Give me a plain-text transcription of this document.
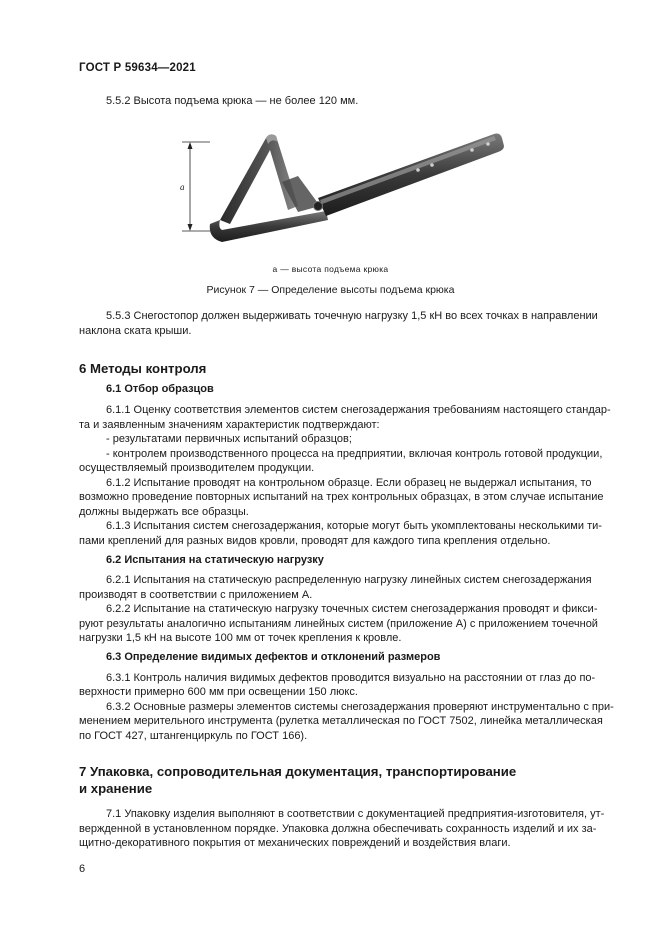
ГОСТ Р 59634—2021
5.5.2 Высота подъема крюка — не более 120 мм.
a
a — высота подъема крюка
Рисунок 7 — Определение высоты подъема крюка
5.5.3 Снегостопор должен выдерживать точечную нагрузку 1,5 кН во всех точках в направлении
наклона ската крыши.
6 Методы контроля
6.1 Отбор образцов
6.1.1 Оценку соответствия элементов систем снегозадержания требованиям настоящего стандар-
та и заявленным значениям характеристик подтверждают:
- результатами первичных испытаний образцов;
- контролем производственного процесса на предприятии, включая контроль готовой продукции,
осуществляемый производителем продукции.
6.1.2 Испытание проводят на контрольном образце. Если образец не выдержал испытания, то
возможно проведение повторных испытаний на трех контрольных образцах, в этом случае испытание
должны выдержать все образцы.
6.1.3 Испытания систем снегозадержания, которые могут быть укомплектованы несколькими ти-
пами креплений для разных видов кровли, проводят для каждого типа крепления отдельно.
6.2 Испытания на статическую нагрузку
6.2.1 Испытания на статическую распределенную нагрузку линейных систем снегозадержания
производят в соответствии с приложением А.
6.2.2 Испытание на статическую нагрузку точечных систем снегозадержания проводят и фикси-
руют результаты аналогично испытаниям линейных систем (приложение А) с приложением точечной
нагрузки 1,5 кН на высоте 100 мм от точек крепления к кровле.
6.3 Определение видимых дефектов и отклонений размеров
6.3.1 Контроль наличия видимых дефектов проводится визуально на расстоянии от глаз до по-
верхности примерно 600 мм при освещении 150 люкс.
6.3.2 Основные размеры элементов системы снегозадержания проверяют инструментально с при-
менением мерительного инструмента (рулетка металлическая по ГОСТ 7502, линейка металлическая
по ГОСТ 427, штангенциркуль по ГОСТ 166).
7 Упаковка, сопроводительная документация, транспортирование
и хранение
7.1 Упаковку изделия выполняют в соответствии с документацией предприятия-изготовителя, ут-
вержденной в установленном порядке. Упаковка должна обеспечивать сохранность изделий и их за-
щитно-декоративного покрытия от механических повреждений и воздействия влаги.
6
